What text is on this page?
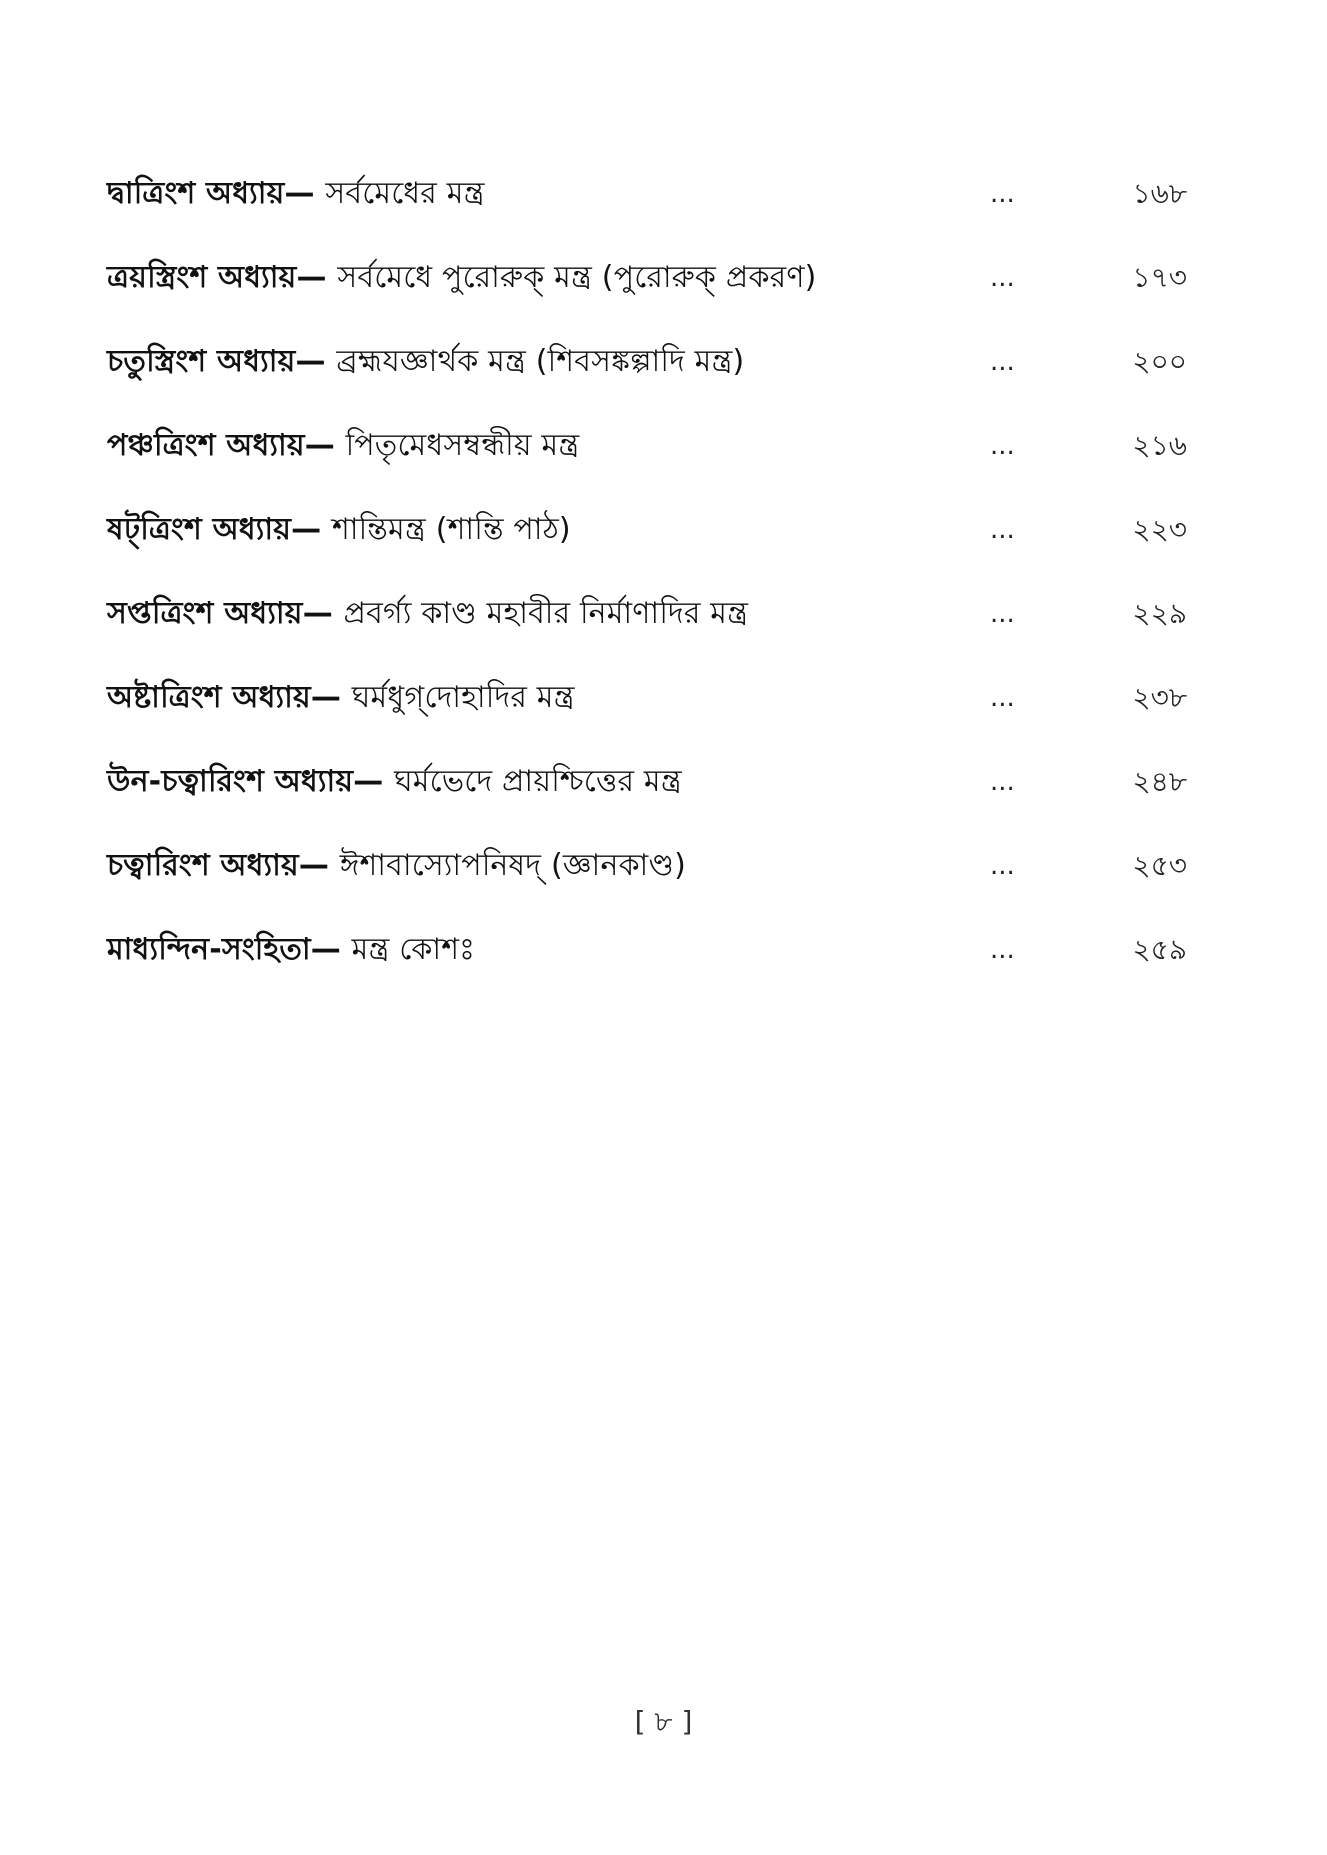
দ্বাত্রিংশ অধ্যায়— সর্বমেধের মন্ত্র	...	১৬৮
ত্রয়স্ত্রিংশ অধ্যায়— সর্বমেধে পুরোরুক্ মন্ত্র (পুরোরুক্ প্রকরণ)	...	১৭৩
চতুস্ত্রিংশ অধ্যায়— ব্রহ্মযজ্ঞার্থক মন্ত্র (শিবসঙ্কল্পাদি মন্ত্র)	...	২০০
পঞ্চত্রিংশ অধ্যায়— পিতৃমেধসম্বন্ধীয় মন্ত্র	...	২১৬
ষট্‌ত্রিংশ অধ্যায়— শান্তিমন্ত্র (শান্তি পাঠ)	...	২২৩
সপ্তত্রিংশ অধ্যায়— প্রবর্গ্য কাণ্ড মহাবীর নির্মাণাদির মন্ত্র	...	২২৯
অষ্টাত্রিংশ অধ্যায়— ঘর্মধুগ্‌দোহাদির মন্ত্র	...	২৩৮
উন-চত্বারিংশ অধ্যায়— ঘর্মভেদে প্রায়শ্চিত্তের মন্ত্র	...	২৪৮
চত্বারিংশ অধ্যায়— ঈশাবাস্যোপনিষদ্ (জ্ঞানকাণ্ড)	...	২৫৩
মাধ্যন্দিন-সংহিতা— মন্ত্র কোশঃ	...	২৫৯
[ ৮ ]
